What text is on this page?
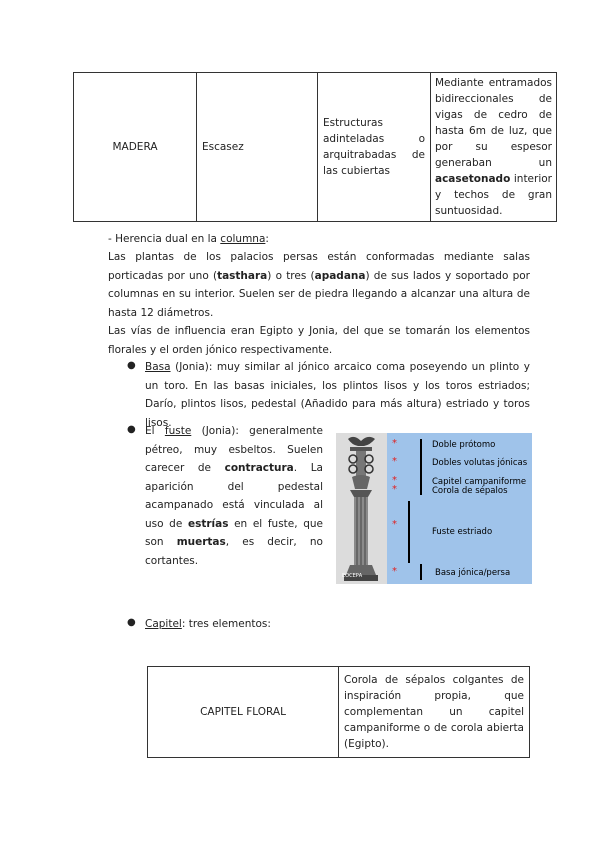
MADERA	Escasez	Estructuras adinteladas o arquitrabadas de las cubiertas	Mediante entramados bidireccionales de vigas de cedro de hasta 6m de luz, que por su espesor generaban un acasetonado interior y techos de gran suntuosidad.

- Herencia dual en la columna:

Las plantas de los palacios persas están conformadas mediante salas porticadas por uno (tasthara) o tres (apadana) de sus lados y soportado por columnas en su interior. Suelen ser de piedra llegando a alcanzar una altura de hasta 12 diámetros.

Las vías de influencia eran Egipto y Jonia, del que se tomarán los elementos florales y el orden jónico respectivamente.

● Basa (Jonia): muy similar al jónico arcaico coma poseyendo un plinto y un toro. En las basas iniciales, los plintos lisos y los toros estriados; Darío, plintos lisos, pedestal (Añadido para más altura) estriado y toros lisos.

● El fuste (Jonia): generalmente pétreo, muy esbeltos. Suelen carecer de contractura. La aparición del pedestal acampanado está vinculada al uso de estrías en el fuste, que son muertas, es decir, no cortantes.

ЕОСЕРА
*
*
*
*
*
*
Doble prótomo
Dobles volutas jónicas
Capitel campaniforme
Corola de sépalos
Fuste estriado
Basa jónica/persa
● Capitel: tres elementos:

CAPITEL FLORAL	Corola de sépalos colgantes de inspiración propia, que complementan un capitel campaniforme o de corola abierta (Egipto).
